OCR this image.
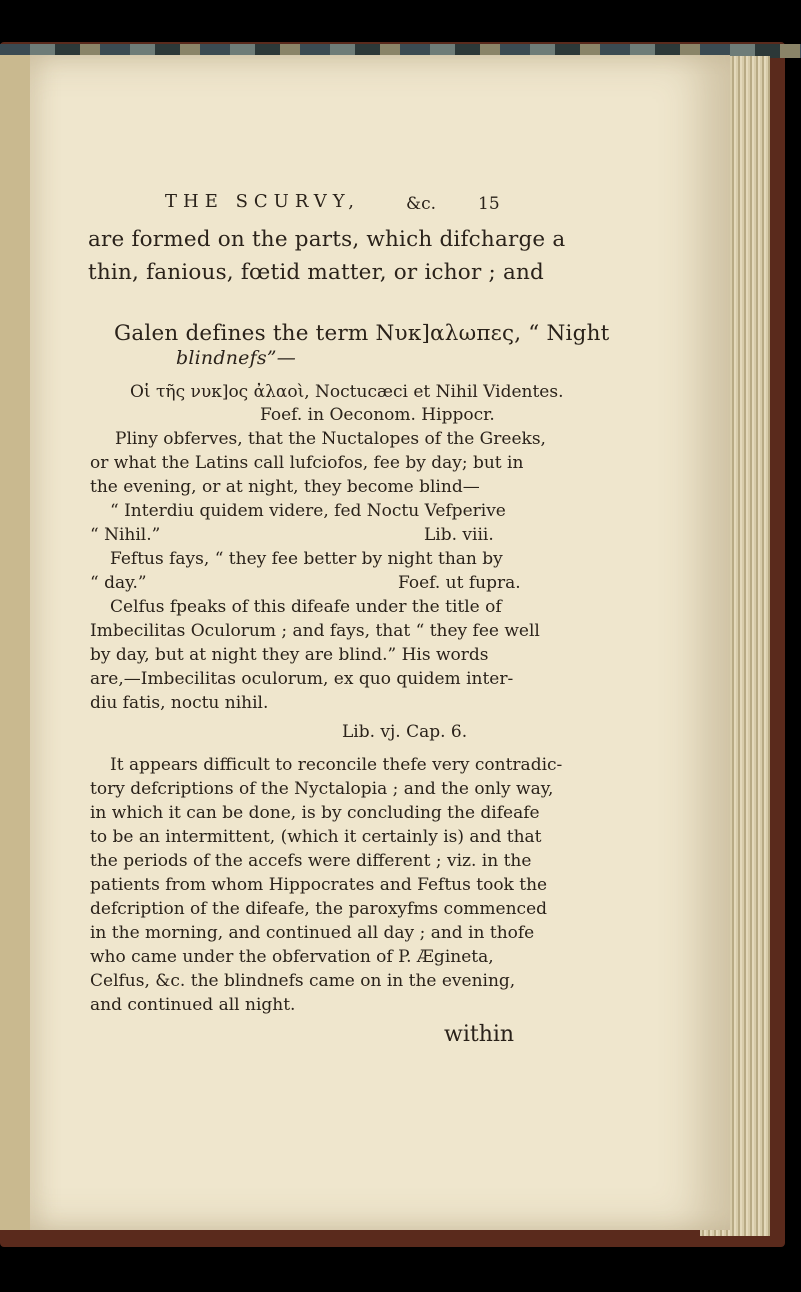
THE SCURVY,	&c. 15
are formed on the parts, which difcharge a
thin, fanious, fœtid matter, or ichor ; and
Galen defines the term Νυκ]αλωπες, “ Night
blindnefs”—
Οἱ τῆς νυκ]ος ἀλαοὶ, Noctucæci et Nihil Videntes.
Foef. in Oeconom. Hippocr.
Pliny obferves, that the Nuctalopes of the Greeks,
or what the Latins call lufciofos, fee by day; but in
the evening, or at night, they become blind—
“ Interdiu quidem videre, fed Noctu Vefperive
“ Nihil.”	Lib. viii.
Feftus fays, “ they fee better by night than by
“ day.”	Foef. ut fupra.
Celfus fpeaks of this difeafe under the title of
Imbecilitas Oculorum ; and fays, that “ they fee well
by day, but at night they are blind.” His words
are,—Imbecilitas oculorum, ex quo quidem inter-
diu fatis, noctu nihil.
Lib. vj. Cap. 6.
It appears difficult to reconcile thefe very contradic-
tory defcriptions of the Nyctalopia ; and the only way,
in which it can be done, is by concluding the difeafe
to be an intermittent, (which it certainly is) and that
the periods of the accefs were different ; viz. in the
patients from whom Hippocrates and Feftus took the
defcription of the difeafe, the paroxyfms commenced
in the morning, and continued all day ; and in thofe
who came under the obfervation of P. Ægineta,
Celfus, &c. the blindnefs came on in the evening,
and continued all night.
within
